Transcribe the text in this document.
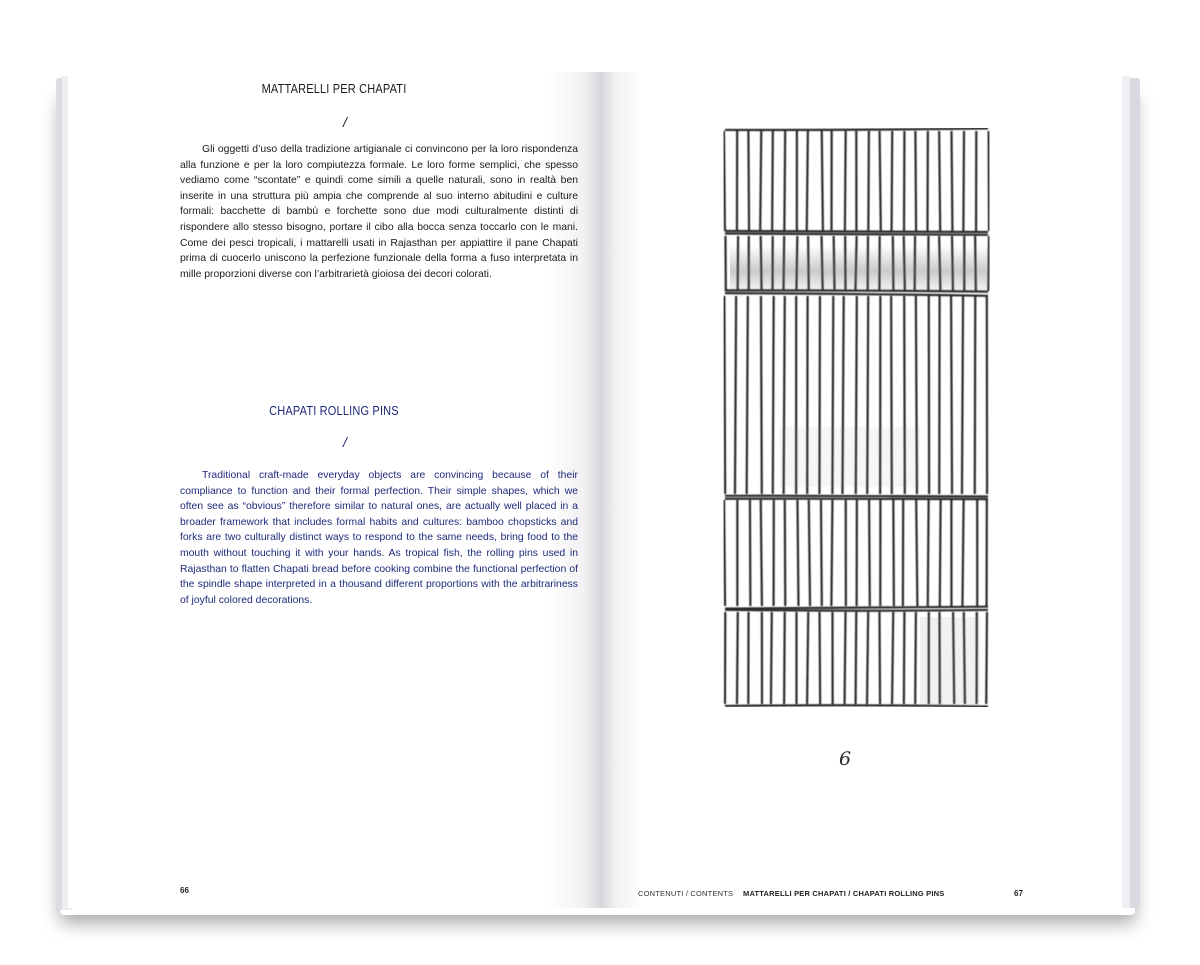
MATTARELLI PER CHAPATI
/

Gli oggetti d’uso della tradizione artigianale ci convincono per la loro rispondenza alla funzione e per la loro compiutezza formale. Le loro forme semplici, che spesso vediamo come “scontate” e quindi come simili a quelle naturali, sono in realtà ben inserite in una struttura più ampia che comprende al suo interno abitudini e culture formali: bacchette di bambù e forchette sono due modi culturalmente distinti di rispondere allo stesso bisogno, portare il cibo alla bocca senza toccarlo con le mani. Come dei pesci tropicali, i mattarelli usati in Rajasthan per appiattire il pane Chapati prima di cuocerlo uniscono la perfezione funzionale della forma a fuso interpretata in mille proporzioni diverse con l’arbitrarietà gioiosa dei decori colorati.

CHAPATI ROLLING PINS
/

Traditional craft-made everyday objects are convincing because of their compliance to function and their formal perfection. Their simple shapes, which we often see as “obvious” therefore similar to natural ones, are actually well placed in a broader framework that includes formal habits and cultures: bamboo chopsticks and forks are two culturally distinct ways to respond to the same needs, bring food to the mouth without touching it with your hands. As tropical fish, the rolling pins used in Rajasthan to flatten Chapati bread before cooking combine the functional perfection of the spindle shape interpreted in a thousand different proportions with the arbitrariness of joyful colored decorations.

66
6
CONTENUTI / CONTENTS MATTARELLI PER CHAPATI / CHAPATI ROLLING PINS	67
